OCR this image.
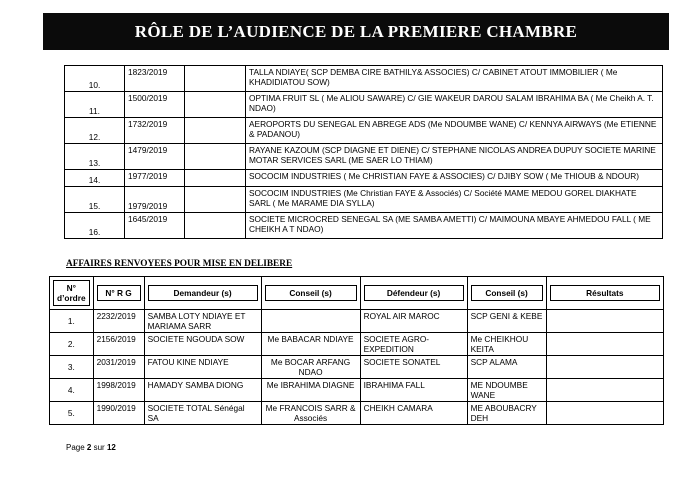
RÔLE DE L’AUDIENCE DE LA PREMIERE CHAMBRE
10.	1823/2019		TALLA NDIAYE( SCP DEMBA CIRE BATHILY& ASSOCIES) C/ CABINET ATOUT IMMOBILIER ( Me KHADIDIATOU SOW)
11.	1500/2019		OPTIMA FRUIT SL ( Me ALIOU SAWARE) C/ GIE WAKEUR DAROU SALAM IBRAHIMA BA ( Me Cheikh A. T. NDAO)
12.	1732/2019		AEROPORTS DU SENEGAL EN ABREGE ADS (Me NDOUMBE WANE) C/ KENNYA AIRWAYS (Me ETIENNE & PADANOU)
13.	1479/2019		RAYANE KAZOUM (SCP DIAGNE ET DIENE) C/ STEPHANE NICOLAS ANDREA DUPUY SOCIETE MARINE MOTAR SERVICES SARL (ME SAER LO THIAM)
14.	1977/2019		SOCOCIM INDUSTRIES ( Me CHRISTIAN FAYE & ASSOCIES) C/ DJIBY SOW ( Me THIOUB & NDOUR)
15.	1979/2019		SOCOCIM INDUSTRIES (Me Christian FAYE & Associés) C/ Société MAME MEDOU GOREL DIAKHATE SARL ( Me MARAME DIA SYLLA)
16.	1645/2019		SOCIETE MICROCRED SENEGAL SA (ME SAMBA AMETTI) C/ MAIMOUNA MBAYE AHMEDOU FALL ( ME CHEIKH A T NDAO)
AFFAIRES RENVOYEES POUR MISE EN DELIBERE
N° d’ordre	N° R G	Demandeur (s)	Conseil (s)	Défendeur (s)	Conseil (s)	Résultats

1.	2232/2019	SAMBA LOTY NDIAYE ET MARIAMA SARR		ROYAL AIR MAROC	SCP GENI & KEBE	
2.	2156/2019	SOCIETE NGOUDA SOW	Me BABACAR NDIAYE	SOCIETE AGRO-EXPEDITION	Me CHEIKHOU KEITA	
3.	2031/2019	FATOU KINE NDIAYE	Me BOCAR ARFANG NDAO	SOCIETE SONATEL	SCP ALAMA	
4.	1998/2019	HAMADY SAMBA DIONG	Me IBRAHIMA DIAGNE	IBRAHIMA FALL	ME NDOUMBE WANE	
5.	1990/2019	SOCIETE TOTAL Sénégal SA	Me FRANCOIS SARR & Associés	CHEIKH CAMARA	ME ABOUBACRY DEH	
Page 2 sur 12
